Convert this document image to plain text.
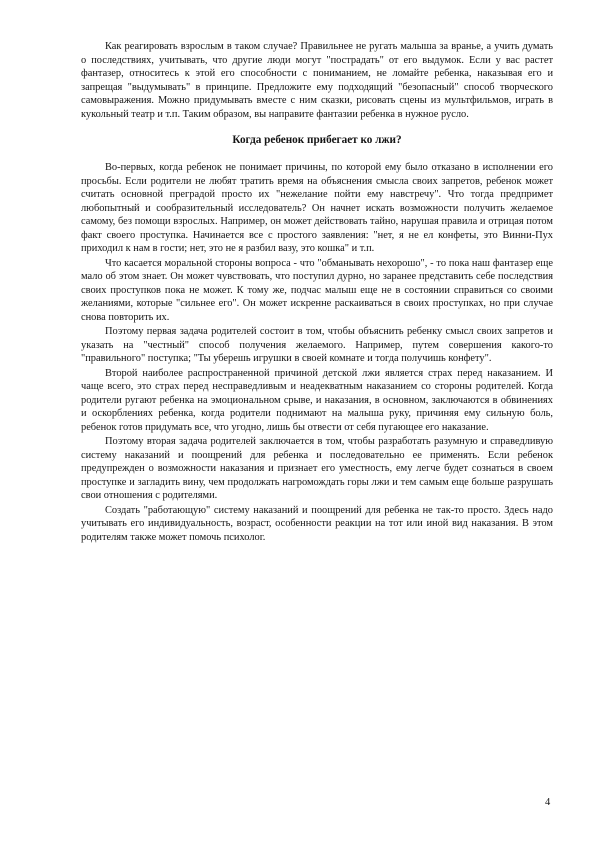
Как реагировать взрослым в таком случае? Правильнее не ругать малыша за вранье, а учить думать о последствиях, учитывать, что другие люди могут "пострадать" от его выдумок. Если у вас растет фантазер, относитесь к этой его способности с пониманием, не ломайте ребенка, наказывая его и запрещая "выдумывать" в принципе. Предложите ему подходящий "безопасный" способ творческого самовыражения. Можно придумывать вместе с ним сказки, рисовать сцены из мультфильмов, играть в кукольный театр и т.п. Таким образом, вы направите фантазии ребенка в нужное русло.

Когда ребенок прибегает ко лжи?

Во-первых, когда ребенок не понимает причины, по которой ему было отказано в исполнении его просьбы. Если родители не любят тратить время на объяснения смысла своих запретов, ребенок может считать основной преградой просто их "нежелание пойти ему навстречу". Что тогда предпримет любопытный и сообразительный исследователь? Он начнет искать возможности получить желаемое самому, без помощи взрослых. Например, он может действовать тайно, нарушая правила и отрицая потом факт своего проступка. Начинается все с простого заявления: "нет, я не ел конфеты, это Винни-Пух приходил к нам в гости; нет, это не я разбил вазу, это кошка" и т.п.

Что касается моральной стороны вопроса - что "обманывать нехорошо", - то пока наш фантазер еще мало об этом знает. Он может чувствовать, что поступил дурно, но заранее представить себе последствия своих проступков пока не может. К тому же, подчас малыш еще не в состоянии справиться со своими желаниями, которые "сильнее его". Он может искренне раскаиваться в своих проступках, но при случае снова повторить их.

Поэтому первая задача родителей состоит в том, чтобы объяснить ребенку смысл своих запретов и указать на "честный" способ получения желаемого. Например, путем совершения какого-то "правильного" поступка; "Ты уберешь игрушки в своей комнате и тогда получишь конфету".

Второй наиболее распространенной причиной детской лжи является страх перед наказанием. И чаще всего, это страх перед несправедливым и неадекватным наказанием со стороны родителей. Когда родители ругают ребенка на эмоциональном срыве, и наказания, в основном, заключаются в обвинениях и оскорблениях ребенка, когда родители поднимают на малыша руку, причиняя ему сильную боль, ребенок готов придумать все, что угодно, лишь бы отвести от себя пугающее его наказание.

Поэтому вторая задача родителей заключается в том, чтобы разработать разумную и справедливую систему наказаний и поощрений для ребенка и последовательно ее применять. Если ребенок предупрежден о возможности наказания и признает его уместность, ему легче будет сознаться в своем проступке и загладить вину, чем продолжать нагромождать горы лжи и тем самым еще больше разрушать свои отношения с родителями.

Создать "работающую" систему наказаний и поощрений для ребенка не так-то просто. Здесь надо учитывать его индивидуальность, возраст, особенности реакции на тот или иной вид наказания. В этом родителям также может помочь психолог.

4
